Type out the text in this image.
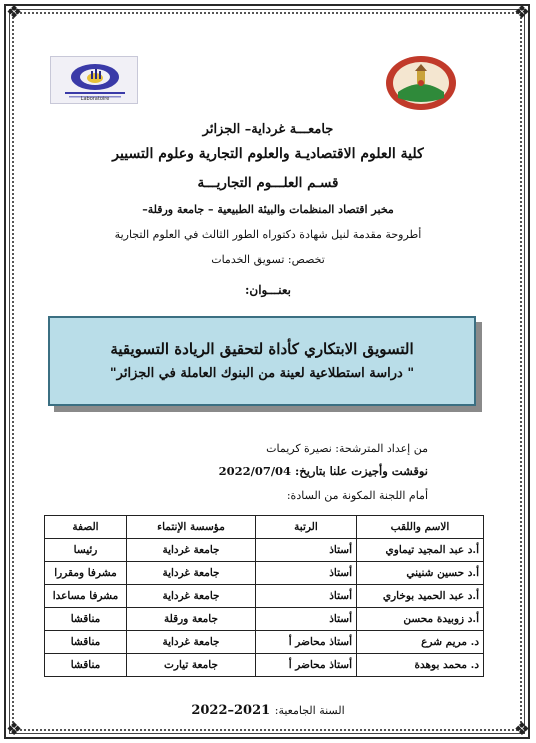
❖	❖
❖	❖
Laboratoire
جامعـــة غرداية– الجزائر
كلية العلوم الاقتصاديـة والعلوم التجارية وعلوم التسيير
قسـم العلـــوم التجاريـــة
مخبر اقتصاد المنظمات والبيئة الطبيعية – جامعة ورقلة–
أطروحة مقدمة لنيل شهادة دكتوراه الطور الثالث في العلوم التجارية
تخصص: تسويق الخدمات
بعنـــوان:
التسويق الابتكاري كأداة لتحقيق الريادة التسويقية
" دراسة استطلاعية لعينة من البنوك العاملة في الجزائر"
من إعداد المترشحة: نصيرة كريمات
نوقشت وأجيزت علنا بتاريخ: 2022/07/04
أمام اللجنة المكونة من السادة:
الاسم واللقب	الرتبة	مؤسسة الإنتماء	الصفة
أ.د عبد المجيد تيماوي	أستاذ	جامعة غرداية	رئيسا
أ.د حسين شنيني	أستاذ	جامعة غرداية	مشرفا ومقررا
أ.د عبد الحميد بوخاري	أستاذ	جامعة غرداية	مشرفا مساعدا
أ.د زوبيدة محسن	أستاذ	جامعة ورقلة	مناقشا
د. مريم شرع	أستاذ محاضر أ	جامعة غرداية	مناقشا
د. محمد بوهدة	أستاذ محاضر أ	جامعة تيارت	مناقشا
السنة الجامعية: 2022–2021
